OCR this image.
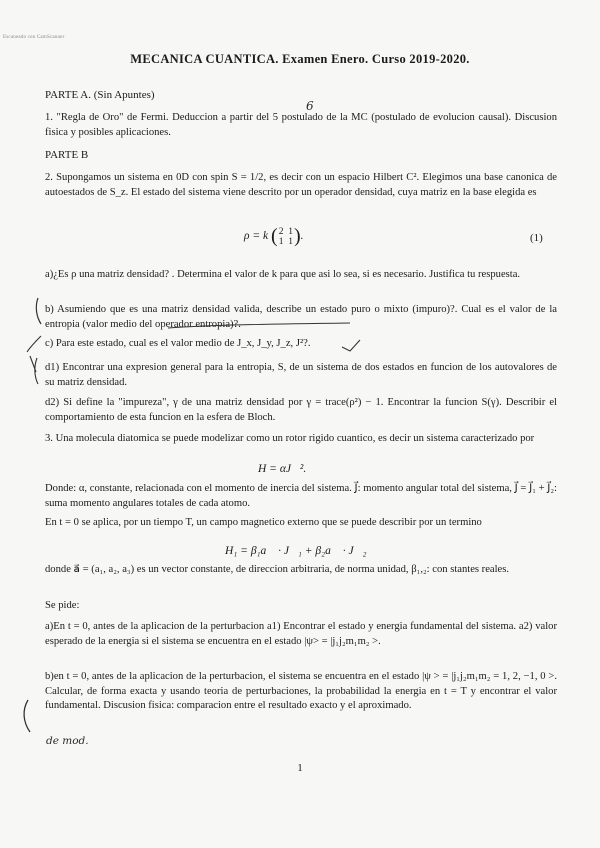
Escaneado con CamScanner
MECANICA CUANTICA. Examen Enero. Curso 2019-2020.
PARTE A. (Sin Apuntes)
6
1. "Regla de Oro" de Fermi. Deduccion a partir del 5 postulado de la MC (postulado de evolucion causal). Discusion fisica y posibles aplicaciones.
PARTE B
2. Supongamos un sistema en 0D con spin S = 1/2, es decir con un espacio Hilbert C². Elegimos una base canonica de autoestados de S_z. El estado del sistema viene descrito por un operador densidad, cuya matriz en la base elegida es
ρ = k (2  1
1  1).	(1)
a)¿Es ρ una matriz densidad? . Determina el valor de k para que asi lo sea, si es necesario. Justifica tu respuesta.
b) Asumiendo que es una matriz densidad valida, describe un estado puro o mixto (impuro)?. Cual es el valor de la entropia (valor medio del operador entropia)?.
c) Para este estado, cual es el valor medio de J_x, J_y, J_z, J²?.
d1) Encontrar una expresion general para la entropia, S, de un sistema de dos estados en funcion de los autovalores de su matriz densidad.
d2) Si define la "impureza", γ de una matriz densidad por γ = trace(ρ²) − 1. Encontrar la funcion S(γ). Describir el comportamiento de esta funcion en la esfera de Bloch.
3. Una molecula diatomica se puede modelizar como un rotor rigido cuantico, es decir un sistema caracterizado por
H = αJ⃗².
Donde: α, constante, relacionada con el momento de inercia del sistema. J⃗: momento angular total del sistema, J⃗ = J⃗₁ + J⃗₂: suma momento angulares totales de cada atomo.
En t = 0 se aplica, por un tiempo T, un campo magnetico externo que se puede describir por un termino
H₁ = β₁a⃗ · J⃗₁ + β₂a⃗ · J⃗₂
donde a⃗ = (a₁, a₂, a₃) es un vector constante, de direccion arbitraria, de norma unidad, β₁,₂: con stantes reales.
Se pide:
a)En t = 0, antes de la aplicacion de la perturbacion a1) Encontrar el estado y energia fundamental del sistema. a2) valor esperado de la energia si el sistema se encuentra en el estado |ψ> = |j₁j₂m₁m₂ >.
b)en t = 0, antes de la aplicacion de la perturbacion, el sistema se encuentra en el estado |ψ > = |j₁j₂m₁m₂ = 1, 2, −1, 0 >. Calcular, de forma exacta y usando teoria de perturbaciones, la probabilidad la energia en t = T y encontrar el valor fundamental. Discusion fisica: comparacion entre el resultado exacto y el aproximado.
de mod.
1
